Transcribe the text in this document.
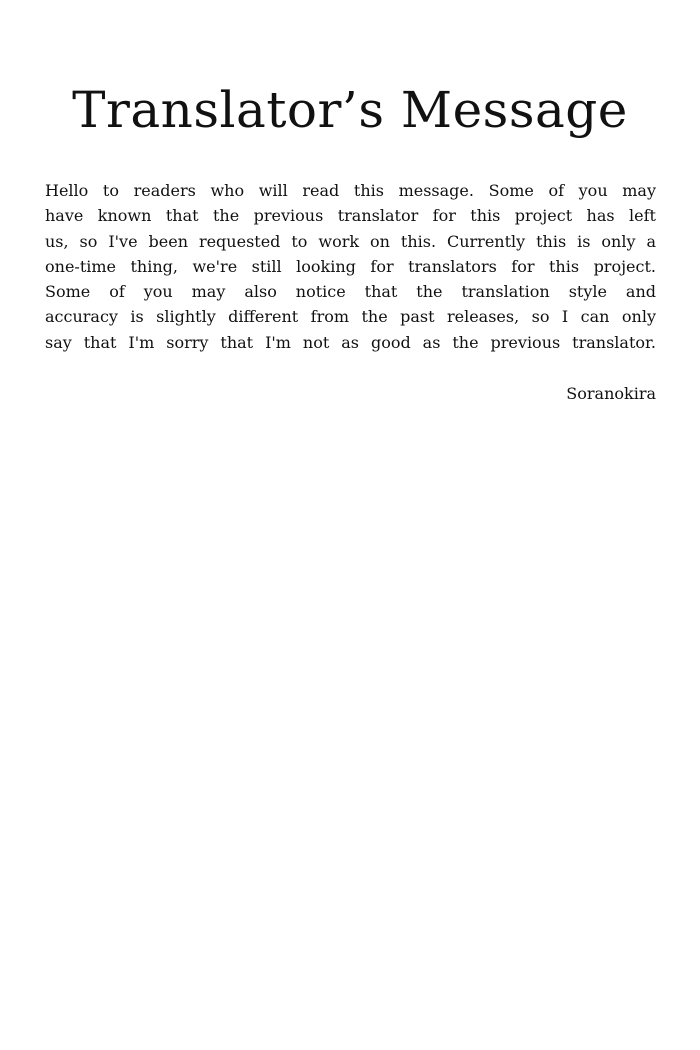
Translator’s Message
Hello to readers who will read this message. Some of you may
have known that the previous translator for this project has left
us, so I've been requested to work on this. Currently this is only a
one-time thing, we're still looking for translators for this project.
Some of you may also notice that the translation style and
accuracy is slightly different from the past releases, so I can only
say that I'm sorry that I'm not as good as the previous translator.

Soranokira
